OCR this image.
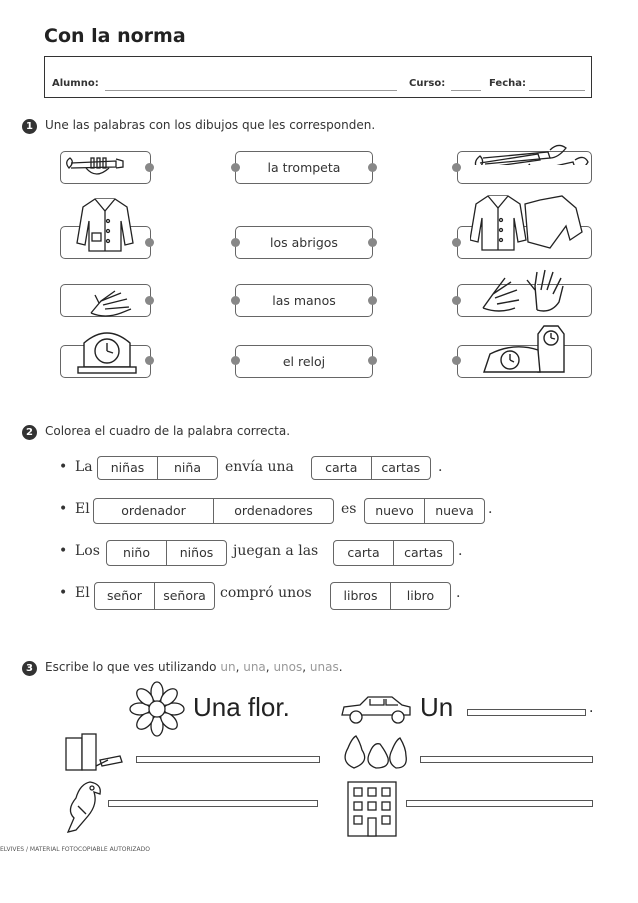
Con la norma
Alumno:	Curso:	Fecha:
1	Une las palabras con los dibujos que les corresponden.
la trompeta
los abrigos
las manos
el reloj
2	Colorea el cuadro de la palabra correcta.
• La	niñas	niña	envía una	carta	cartas	.
• El	ordenador	ordenadores	es	nuevo	nueva	.
• Los	niño	niños	juegan a las	carta	cartas	.
• El	señor	señora	compró unos	libros	libro	.
3	Escribe lo que ves utilizando un, una, unos, unas.
Una flor.	Un	.
ELVIVES / MATERIAL FOTOCOPIABLE AUTORIZADO
